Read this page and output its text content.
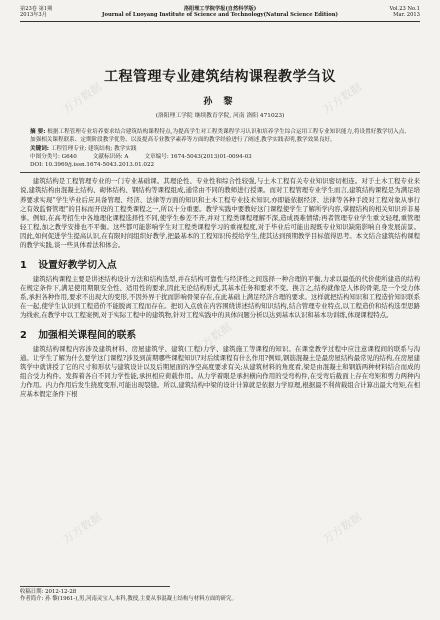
第23卷 第1期
2013年3月
洛阳理工学院学报(自然科学版)
Journal of Luoyang Institute of Science and Technology(Natural Science Edition)
Vol.23 No.1
Mar. 2013
工程管理专业建筑结构课程教学刍议
孙 黎
(洛阳理工学院 继续教育学院, 河南 洛阳 471023)
摘 要: 根据工程管理专业培养要求结合建筑结构课程特点,为提高学生对工程类课程学习认识和培养学生综合运用工程专业知识能力,将设置好教学切入点、加强相关课程联系、定期阶段教学优势、以及提高专业教学素养等方面的教学经验进行了阐述,教学实践表明,教学效果良好。
关键词: 工程管理专业; 建筑结构; 教学实践
中图分类号: G640	文献标识码: A	文章编号: 1674-5043(2013)01-0094-03
DOI: 10.3969/j.issn.1674-5043.2013.01.022

建筑结构是工程管理专业的一门专业基础课。其理论性、专业性和综合性较强,与土木工程有关专业知识密切相连。对于土木工程专业来说,建筑结构由混凝土结构、砌体结构、钢结构等课程组成,通常由不同的教师进行授课。而对工程管理专业学生而言,建筑结构课程是为满足培养要求实现“学生毕业后应具备管理、经济、法律等方面的知识和土木工程专业技术知识,亦即能依据经济、法律等各种手段对工程对象从事行之有效监督管理”的目标而开设的工程类课程之一,所以十分重要。教学实践中要教好这门课程使学生了解所学内容,掌握结构的相关知识并非易事。例如,在高考招生中各地理化课程选择性不同,使学生参差不齐,并对工程类课程理解不深,造成畏难情绪;再者管理专业学生重文轻理,重管理轻工程,加之教学安排也不平衡。这些都可能影响学生对工程类课程学习的重视程度,对于毕业后可能出现既专业知识缺陷影响自身发展前景。因此,如何促进学生提高认识,在有限时间组织好教学,把最基本的工程知识传授给学生,使其达到预期教学目标值得思考。本文结合建筑结构课程的教学实践,谈一些具体看法和体会。

1 设置好教学切入点

建筑结构课程主要是讲述结构设计方法和结构选型,并在结构可靠性与经济性之间选择一种合理的平衡,力求以最低的代价使所建造的结构在规定条件下,满足使用期限安全性、适用性的要求,因此无论结构形式,其基本任务和要求不变。换言之,结构就像是人体的骨架,是一个受力体系,承担各种作用,要求不出现大的变形,不因外界干扰而影响骨架存在,在此基础上满足经济合理的要求。这样就把结构知识和工程造价知识联系在一起,使学生认识到工程造价不能脱离工程而存在。把切入点放在内容围绕讲述结构知识结构,结合管理专业特点,以工程造价和结构选型思路为线索,在教学中以工程案例,对于实际工程中的建筑物,针对工程实践中的具体问题分析以达到基本认识和基本功训练,体现课程特点。

2 加强相关课程间的联系

建筑结构课程内容涉及建筑材料、房屋建筑学、建筑(工程)力学、建筑施工等课程的知识。在课堂教学过程中应注意课程间的联系与沟通。让学生了解为什么要学这门课程?涉及到前期哪些课程知识?对后续课程有什么作用?例如,钢筋混凝土是最房屋结构最常见的结构,在房屋建筑学中就讲授了它的尺寸和形状与建筑设计以及后期屋面的净空高度要求有关;从建筑材料的角度看,梁是由混凝土和钢筋两种材料结合而成的组合受力构件。发挥着各自不同力学性能,承担相应荷载作用。从力学着眼是承担横向作用的受弯构件,在受弯后截面上存在弯矩和剪力两种内力作用。内力作用后发生挠度变形,可能出现裂缝。所以,建筑结构中梁的设计计算就是依据力学原理,根据最不利荷载组合计算出最大弯矩,在相应基本假定条件下根

收稿日期: 2012-12-28
作者简介: 孙 黎(1961-),男,河南灵宝人,本科,教授,主要从事混凝土结构与材料方面的研究。
万方数据	万方数据
万方数据
万方数据	万方数据
